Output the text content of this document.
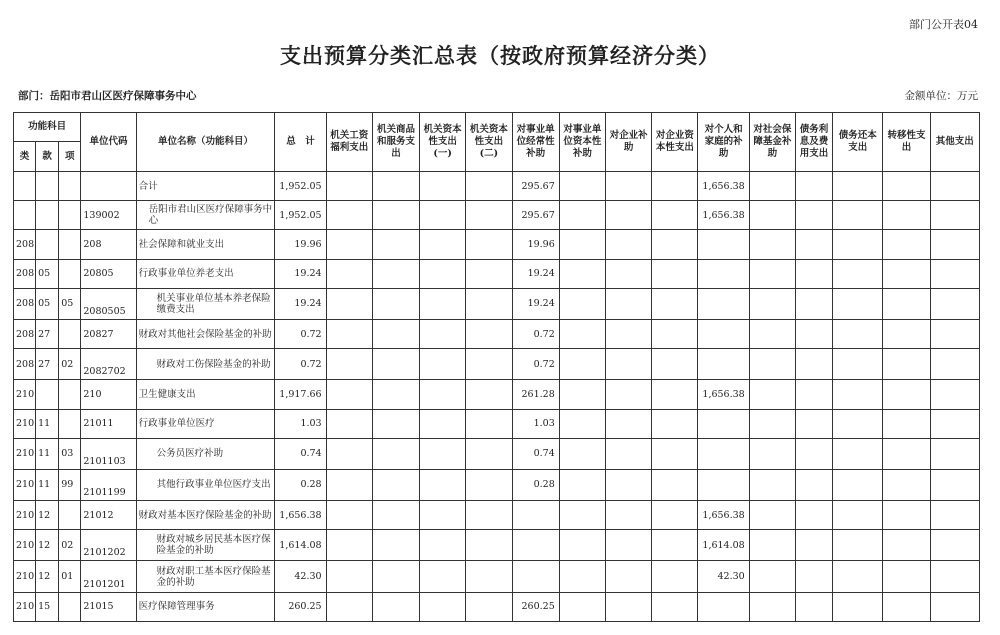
部门公开表04
支出预算分类汇总表（按政府预算经济分类）
部门：岳阳市君山区医疗保障事务中心	金额单位：万元
功能科目			单位代码	单位名称（功能科目）	总　计	机关工资福利支出	机关商品和服务支出	机关资本性支出(一)	机关资本性支出(二)	对事业单位经常性补助	对事业单位资本性补助	对企业补助	对企业资本性支出	对个人和家庭的补助	对社会保障基金补助	债务利息及费用支出	债务还本支出	转移性支出	其他支出
类	款	项																	
				合计	1,952.05					295.67				1,656.38					
			139002	岳阳市君山区医疗保障事务中心	1,952.05					295.67				1,656.38					
208			208	社会保障和就业支出	19.96					19.96									
208	05		20805	行政事业单位养老支出	19.24					19.24									
208	05	05	2080505	机关事业单位基本养老保险缴费支出	19.24					19.24									
208	27		20827	财政对其他社会保险基金的补助	0.72					0.72									
208	27	02	2082702	财政对工伤保险基金的补助	0.72					0.72									
210			210	卫生健康支出	1,917.66					261.28				1,656.38					
210	11		21011	行政事业单位医疗	1.03					1.03									
210	11	03	2101103	公务员医疗补助	0.74					0.74									
210	11	99	2101199	其他行政事业单位医疗支出	0.28					0.28									
210	12		21012	财政对基本医疗保险基金的补助	1,656.38									1,656.38					
210	12	02	2101202	财政对城乡居民基本医疗保险基金的补助	1,614.08									1,614.08					
210	12	01	2101201	财政对职工基本医疗保险基金的补助	42.30									42.30					
210	15		21015	医疗保障管理事务	260.25					260.25									
